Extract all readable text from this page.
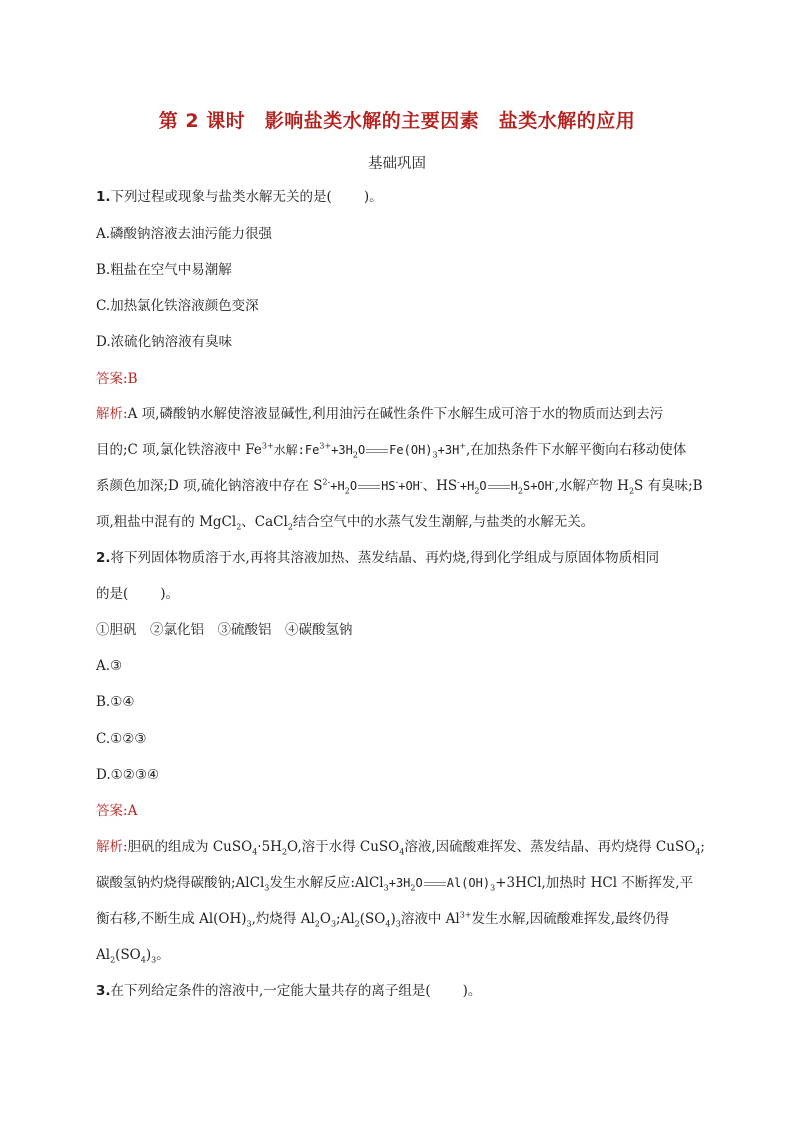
第 2 课时　影响盐类水解的主要因素　盐类水解的应用
基础巩固
1.下列过程或现象与盐类水解无关的是( )。
A.磷酸钠溶液去油污能力很强
B.粗盐在空气中易潮解
C.加热氯化铁溶液颜色变深
D.浓硫化钠溶液有臭味
答案:B
解析:A 项,磷酸钠水解使溶液显碱性,利用油污在碱性条件下水解生成可溶于水的物质而达到去污
目的;C 项,氯化铁溶液中 $Fe^{3+}$水解$:Fe^{3+}+3H_2O$ $Fe(OH)_3+3H^+$,在加热条件下水解平衡向右移动使体
系颜色加深;D 项,硫化钠溶液中存在 $S^{2-}+H_2O$ HS-+OH-、$HS^-+H_2O$ $H_2S+OH^-$,水解产物 $H_2S$ 有臭味;B
项,粗盐中混有的 MgCl$_2$、CaCl$_2$结合空气中的水蒸气发生潮解,与盐类的水解无关。
2.将下列固体物质溶于水,再将其溶液加热、蒸发结晶、再灼烧,得到化学组成与原固体物质相同
的是( )。
①胆矾　②氯化铝　③硫酸铝　④碳酸氢钠
A.③
B.①④
C.①②③
D.①②③④
答案:A
解析:胆矾的组成为 $CuSO_4\cdot 5H_2O$,溶于水得 CuSO$_4$溶液,因硫酸难挥发、蒸发结晶、再灼烧得 CuSO$_4$;
碳酸氢钠灼烧得碳酸钠;AlCl$_3$发生水解反应$:AlCl_3+3H_2O$ $Al(OH)_3+3HCl$,加热时 HCl 不断挥发,平
衡右移,不断生成 $Al(OH)_3$,灼烧得 $Al_2O_3;Al_2(SO_4)_3$溶液中 $Al^{3+}$发生水解,因硫酸难挥发,最终仍得
$Al_2(SO_4)_3$。
3.在下列给定条件的溶液中,一定能大量共存的离子组是( )。
